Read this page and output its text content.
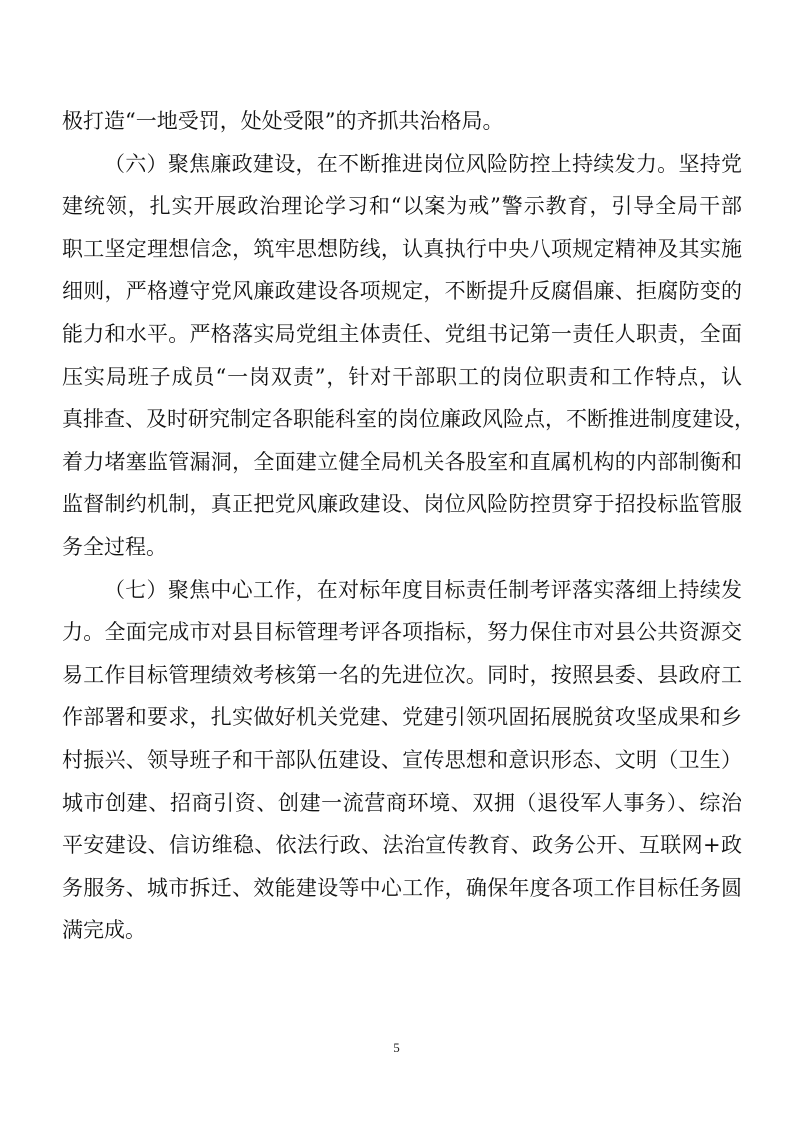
极打造“一地受罚，处处受限”的齐抓共治格局。
（六）聚焦廉政建设，在不断推进岗位风险防控上持续发力。坚持党
建统领，扎实开展政治理论学习和“以案为戒”警示教育，引导全局干部
职工坚定理想信念，筑牢思想防线，认真执行中央八项规定精神及其实施
细则，严格遵守党风廉政建设各项规定，不断提升反腐倡廉、拒腐防变的
能力和水平。严格落实局党组主体责任、党组书记第一责任人职责，全面
压实局班子成员“一岗双责”，针对干部职工的岗位职责和工作特点，认
真排查、及时研究制定各职能科室的岗位廉政风险点，不断推进制度建设，
着力堵塞监管漏洞，全面建立健全局机关各股室和直属机构的内部制衡和
监督制约机制，真正把党风廉政建设、岗位风险防控贯穿于招投标监管服
务全过程。
（七）聚焦中心工作，在对标年度目标责任制考评落实落细上持续发
力。全面完成市对县目标管理考评各项指标，努力保住市对县公共资源交
易工作目标管理绩效考核第一名的先进位次。同时，按照县委、县政府工
作部署和要求，扎实做好机关党建、党建引领巩固拓展脱贫攻坚成果和乡
村振兴、领导班子和干部队伍建设、宣传思想和意识形态、文明（卫生）
城市创建、招商引资、创建一流营商环境、双拥（退役军人事务）、综治
平安建设、信访维稳、依法行政、法治宣传教育、政务公开、互联网+政
务服务、城市拆迁、效能建设等中心工作，确保年度各项工作目标任务圆
满完成。
5
